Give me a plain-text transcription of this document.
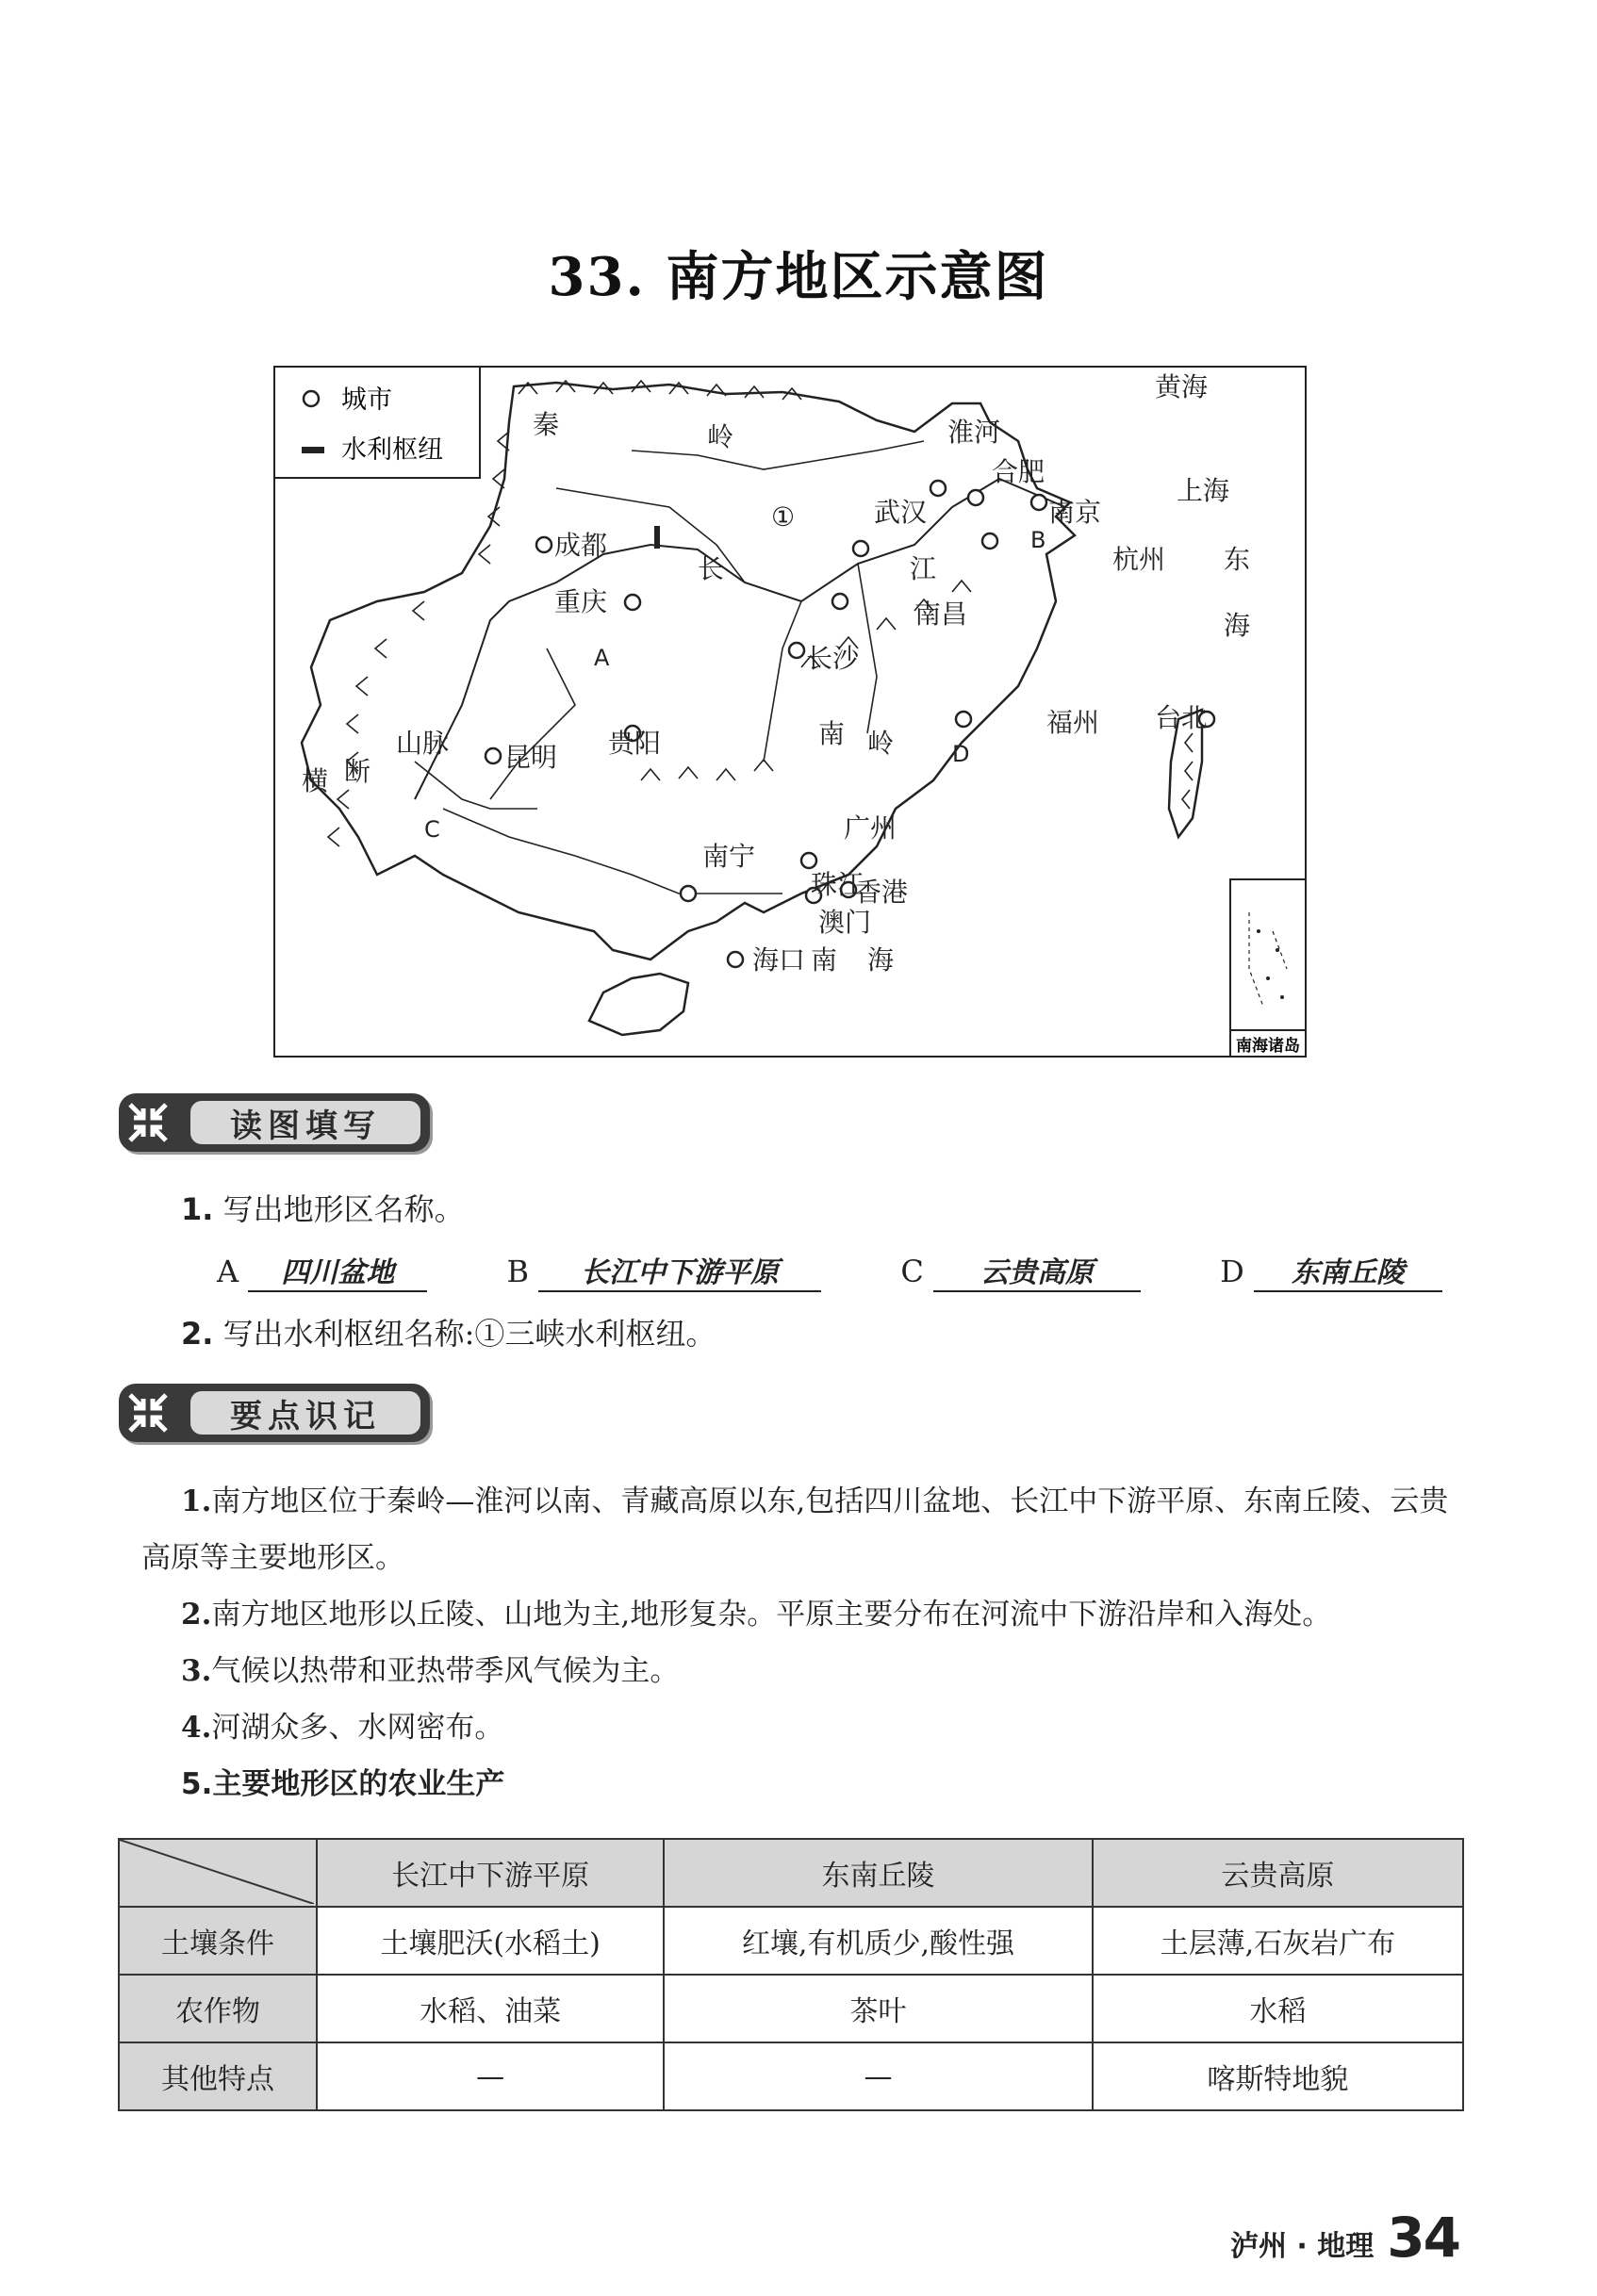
33. 南方地区示意图
城市
水利枢纽
南海诸岛
黄海
东
海
秦	岭	淮河
合肥
上海
南京
B
杭州
武汉
①
成都
长	江
重庆
A
南昌
长沙
福州 台北
横 断
山脉 昆明 贵阳	南 岭	D
C	广州
南宁
珠江
香港
澳门
海口 南 海
读图填写
1. 写出地形区名称。
A 四川盆地	B 长江中下游平原	C 云贵高原	D 东南丘陵
2. 写出水利枢纽名称:①三峡水利枢纽。
要点识记
1.南方地区位于秦岭—淮河以南、青藏高原以东,包括四川盆地、长江中下游平原、东南丘陵、云贵高原等主要地形区。
2.南方地区地形以丘陵、山地为主,地形复杂。平原主要分布在河流中下游沿岸和入海处。
3.气候以热带和亚热带季风气候为主。
4.河湖众多、水网密布。
5.主要地形区的农业生产
	长江中下游平原	东南丘陵	云贵高原
土壤条件	土壤肥沃(水稻土)	红壤,有机质少,酸性强	土层薄,石灰岩广布
农作物	水稻、油菜	茶叶	水稻
其他特点	—	—	喀斯特地貌
泸州 · 地理 34
